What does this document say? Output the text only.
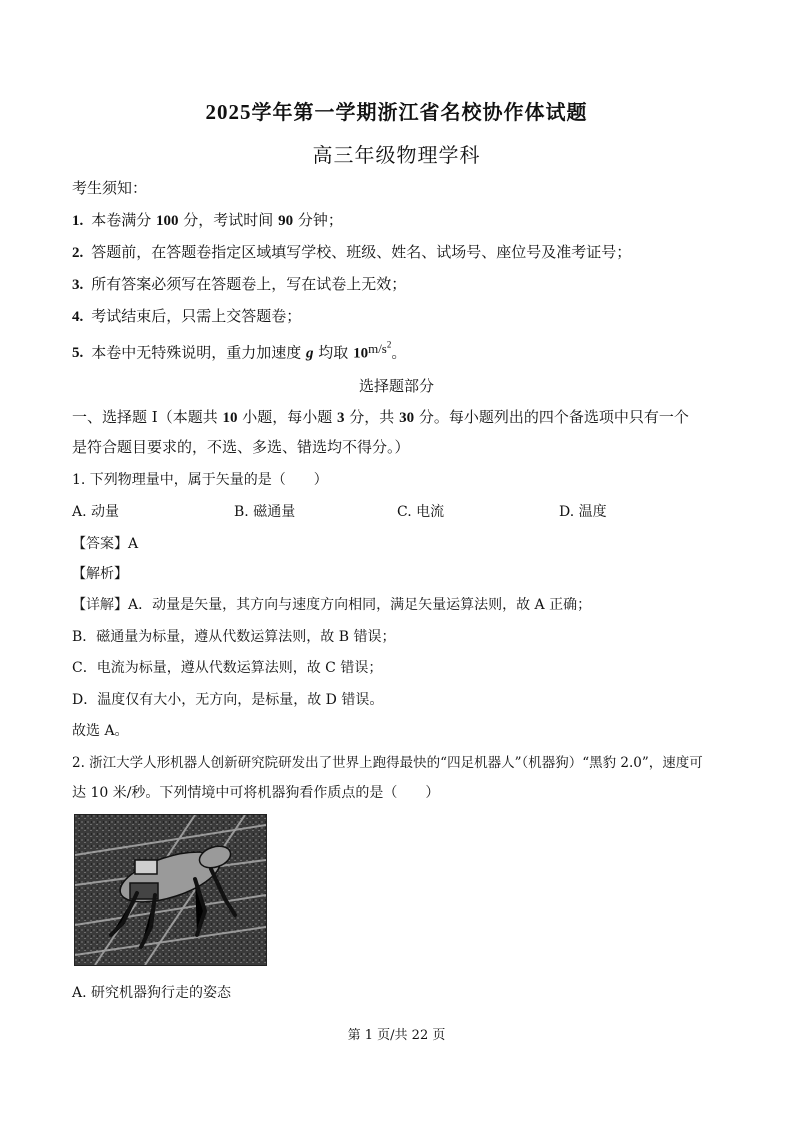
2025学年第一学期浙江省名校协作体试题
高三年级物理学科
考生须知：
1. 本卷满分 100 分，考试时间 90 分钟；
2. 答题前，在答题卷指定区域填写学校、班级、姓名、试场号、座位号及准考证号；
3. 所有答案必须写在答题卷上，写在试卷上无效；
4. 考试结束后，只需上交答题卷；
5. 本卷中无特殊说明，重力加速度 g 均取 $10m/s^2$。
选择题部分
一、选择题 I（本题共 10 小题，每小题 3 分，共 30 分。每小题列出的四个备选项中只有一个
是符合题目要求的，不选、多选、错选均不得分。）
1. 下列物理量中，属于矢量的是（　　）
A. 动量	B. 磁通量	C. 电流	D. 温度
【答案】A
【解析】
【详解】A．动量是矢量，其方向与速度方向相同，满足矢量运算法则，故 A 正确；
B．磁通量为标量，遵从代数运算法则，故 B 错误；
C．电流为标量，遵从代数运算法则，故 C 错误；
D．温度仅有大小，无方向，是标量，故 D 错误。
故选 A。
2. 浙江大学人形机器人创新研究院研发出了世界上跑得最快的“四足机器人”（机器狗）“黑豹 2.0”，速度可
达 10 米/秒。下列情境中可将机器狗看作质点的是（　　）
A. 研究机器狗行走的姿态
第 1 页/共 22 页
